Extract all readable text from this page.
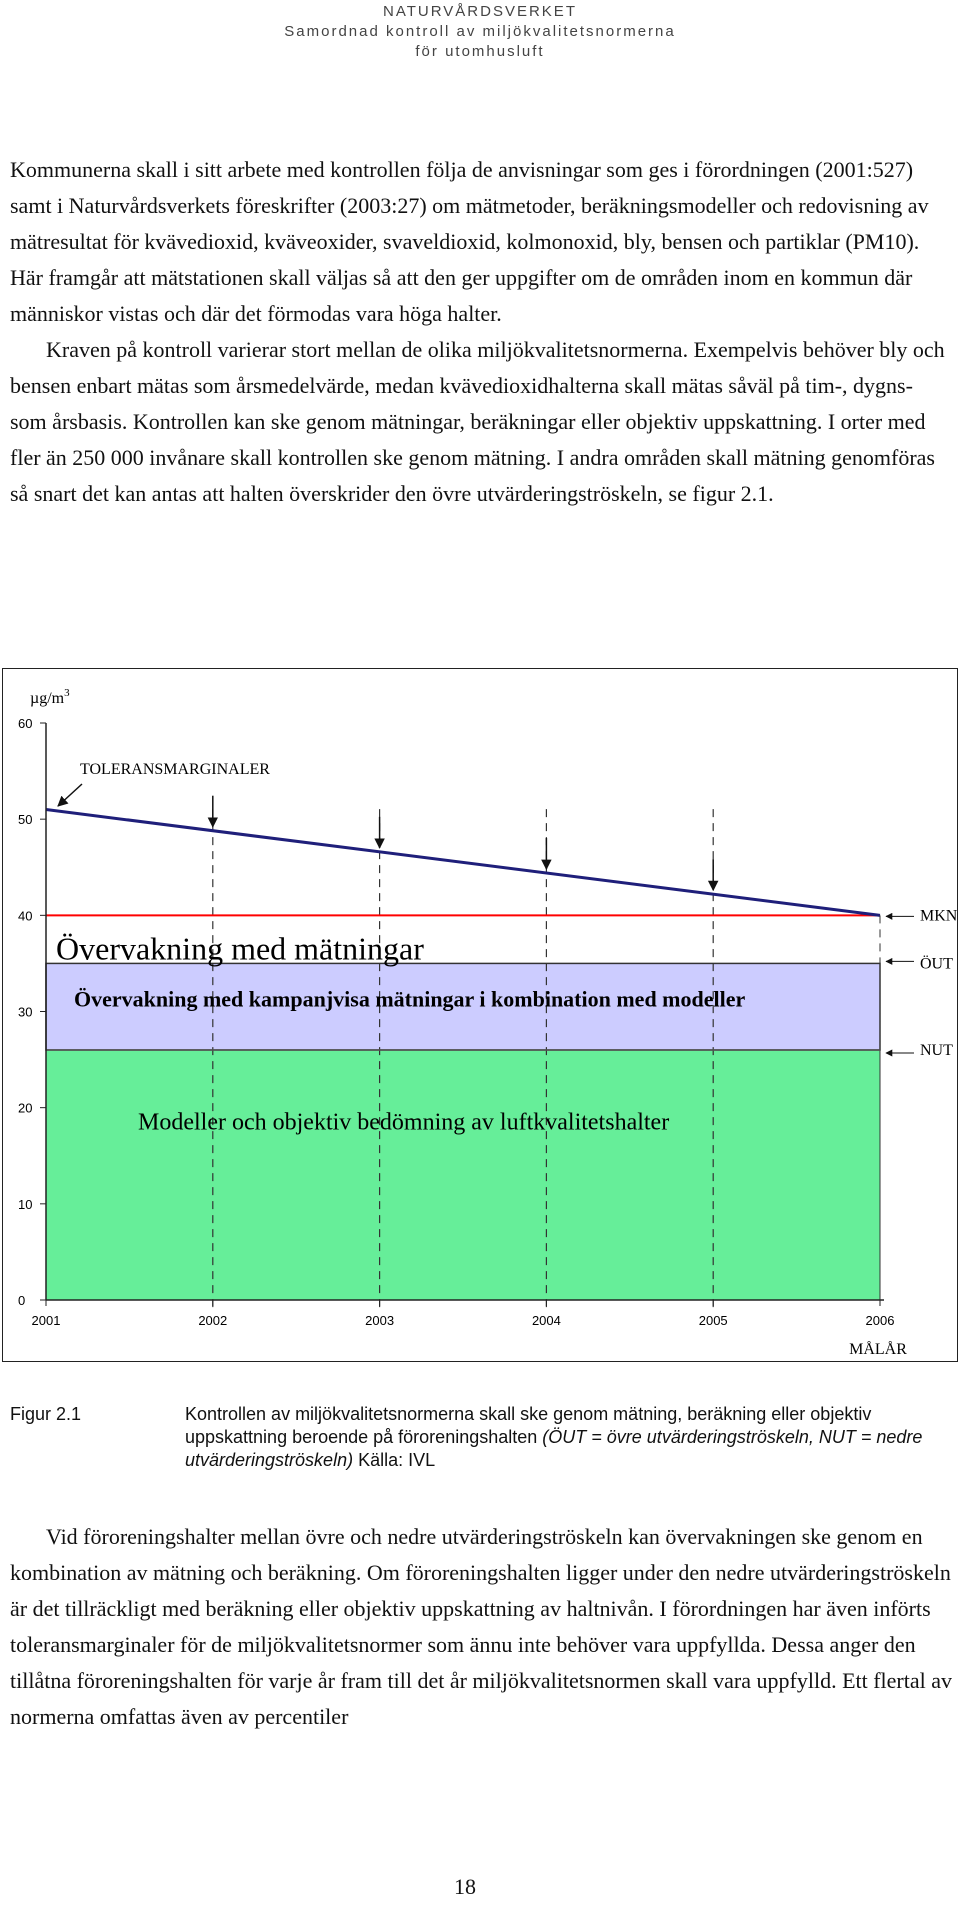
NATURVÅRDSVERKET
Samordnad kontroll av miljökvalitetsnormerna
för utomhusluft

Kommunerna skall i sitt arbete med kontrollen följa de anvisningar som ges i förordningen (2001:527) samt i Naturvårdsverkets föreskrifter (2003:27) om mätmetoder, beräkningsmodeller och redovisning av mätresultat för kvävedioxid, kväveoxider, svaveldioxid, kolmonoxid, bly, bensen och partiklar (PM10). Här framgår att mätstationen skall väljas så att den ger uppgifter om de områden inom en kommun där människor vistas och där det förmodas vara höga halter.

Kraven på kontroll varierar stort mellan de olika miljökvalitetsnormerna. Exempelvis behöver bly och bensen enbart mätas som årsmedelvärde, medan kvävedioxidhalterna skall mätas såväl på tim-, dygns- som årsbasis. Kontrollen kan ske genom mätningar, beräkningar eller objektiv uppskattning. I orter med fler än 250 000 invånare skall kontrollen ske genom mätning. I andra områden skall mätning genomföras så snart det kan antas att halten överskrider den övre utvärderingströskeln, se figur 2.1.

0
10
20
30
40
50
60
2001	2002	2003	2004	2005	2006
$\mu g/m^3$
TOLERANSMARGINALER
Övervakning med mätningar
Övervakning med kampanjvisa mätningar i kombination med modeller
Modeller och objektiv bedömning av luftkvalitetshalter
MKN
ÖUT
NUT
MÅLÅR
Figur 2.1	Kontrollen av miljökvalitetsnormerna skall ske genom mätning, beräkning eller objektiv uppskattning beroende på föroreningshalten (ÖUT = övre utvärderingströskeln, NUT = nedre utvärderingströskeln) Källa: IVL

Vid föroreningshalter mellan övre och nedre utvärderingströskeln kan övervakningen ske genom en kombination av mätning och beräkning. Om föroreningshalten ligger under den nedre utvärderingströskeln är det tillräckligt med beräkning eller objektiv uppskattning av haltnivån. I förordningen har även införts toleransmarginaler för de miljökvalitetsnormer som ännu inte behöver vara uppfyllda. Dessa anger den tillåtna föroreningshalten för varje år fram till det år miljökvalitetsnormen skall vara uppfylld. Ett flertal av normerna omfattas även av percentiler

18
